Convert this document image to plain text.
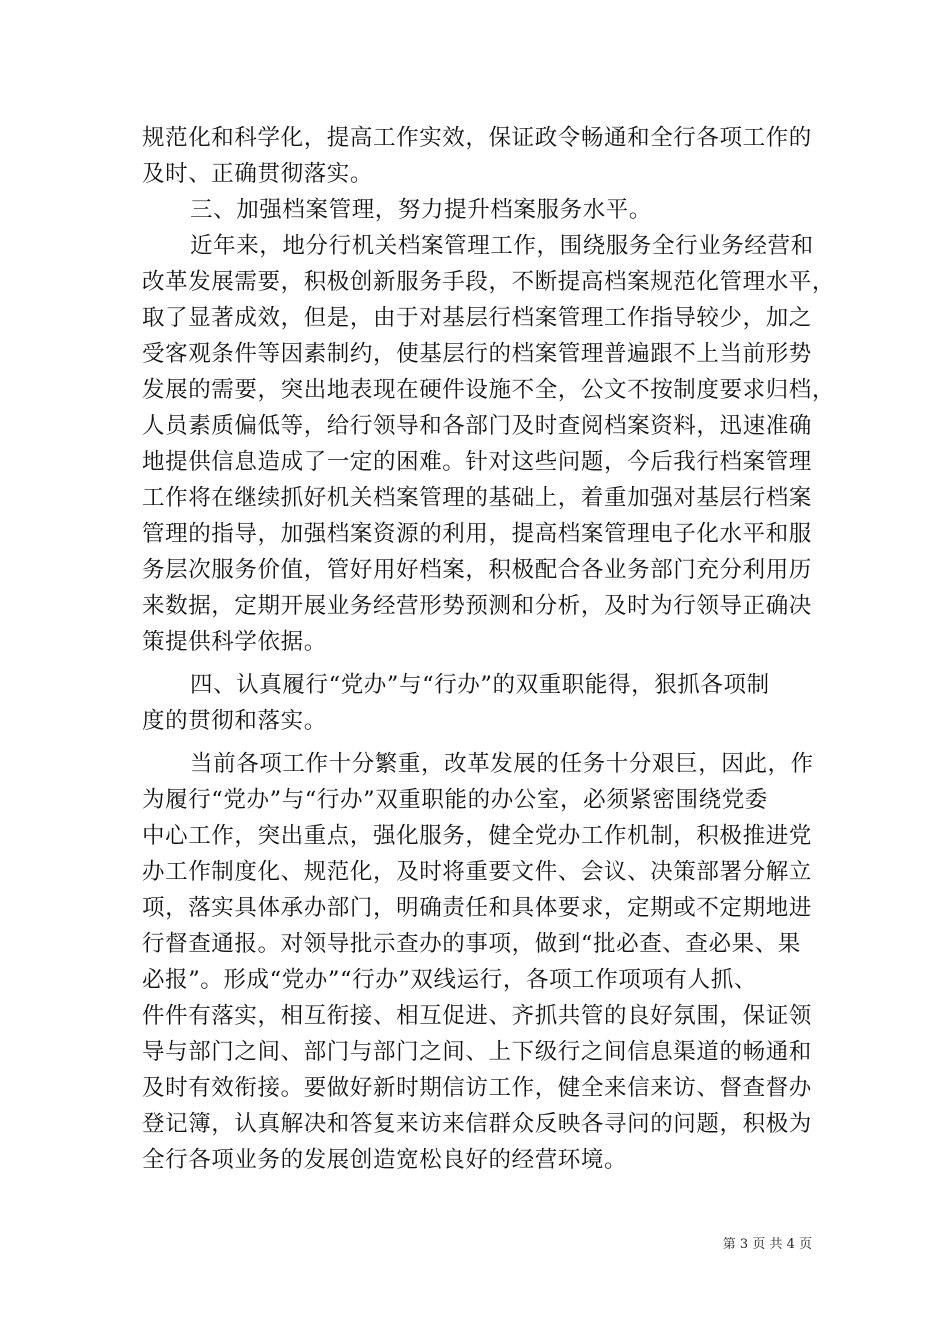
规范化和科学化，提高工作实效，保证政令畅通和全行各项工作的
及时、正确贯彻落实。
三、加强档案管理，努力提升档案服务水平。
近年来，地分行机关档案管理工作，围绕服务全行业务经营和
改革发展需要，积极创新服务手段，不断提高档案规范化管理水平，
取了显著成效，但是，由于对基层行档案管理工作指导较少，加之
受客观条件等因素制约，使基层行的档案管理普遍跟不上当前形势
发展的需要，突出地表现在硬件设施不全，公文不按制度要求归档，
人员素质偏低等，给行领导和各部门及时查阅档案资料，迅速准确
地提供信息造成了一定的困难。针对这些问题，今后我行档案管理
工作将在继续抓好机关档案管理的基础上，着重加强对基层行档案
管理的指导，加强档案资源的利用，提高档案管理电子化水平和服
务层次服务价值，管好用好档案，积极配合各业务部门充分利用历
来数据，定期开展业务经营形势预测和分析，及时为行领导正确决
策提供科学依据。
四、认真履行“党办”与“行办”的双重职能得，狠抓各项制
度的贯彻和落实。
当前各项工作十分繁重，改革发展的任务十分艰巨，因此，作
为履行“党办”与“行办”双重职能的办公室，必须紧密围绕党委
中心工作，突出重点，强化服务，健全党办工作机制，积极推进党
办工作制度化、规范化，及时将重要文件、会议、决策部署分解立
项，落实具体承办部门，明确责任和具体要求，定期或不定期地进
行督查通报。对领导批示查办的事项，做到“批必查、查必果、果
必报”。形成“党办”“行办”双线运行，各项工作项项有人抓、
件件有落实，相互衔接、相互促进、齐抓共管的良好氛围，保证领
导与部门之间、部门与部门之间、上下级行之间信息渠道的畅通和
及时有效衔接。要做好新时期信访工作，健全来信来访、督查督办
登记簿，认真解决和答复来访来信群众反映各寻问的问题，积极为
全行各项业务的发展创造宽松良好的经营环境。
第 3 页 共 4 页
